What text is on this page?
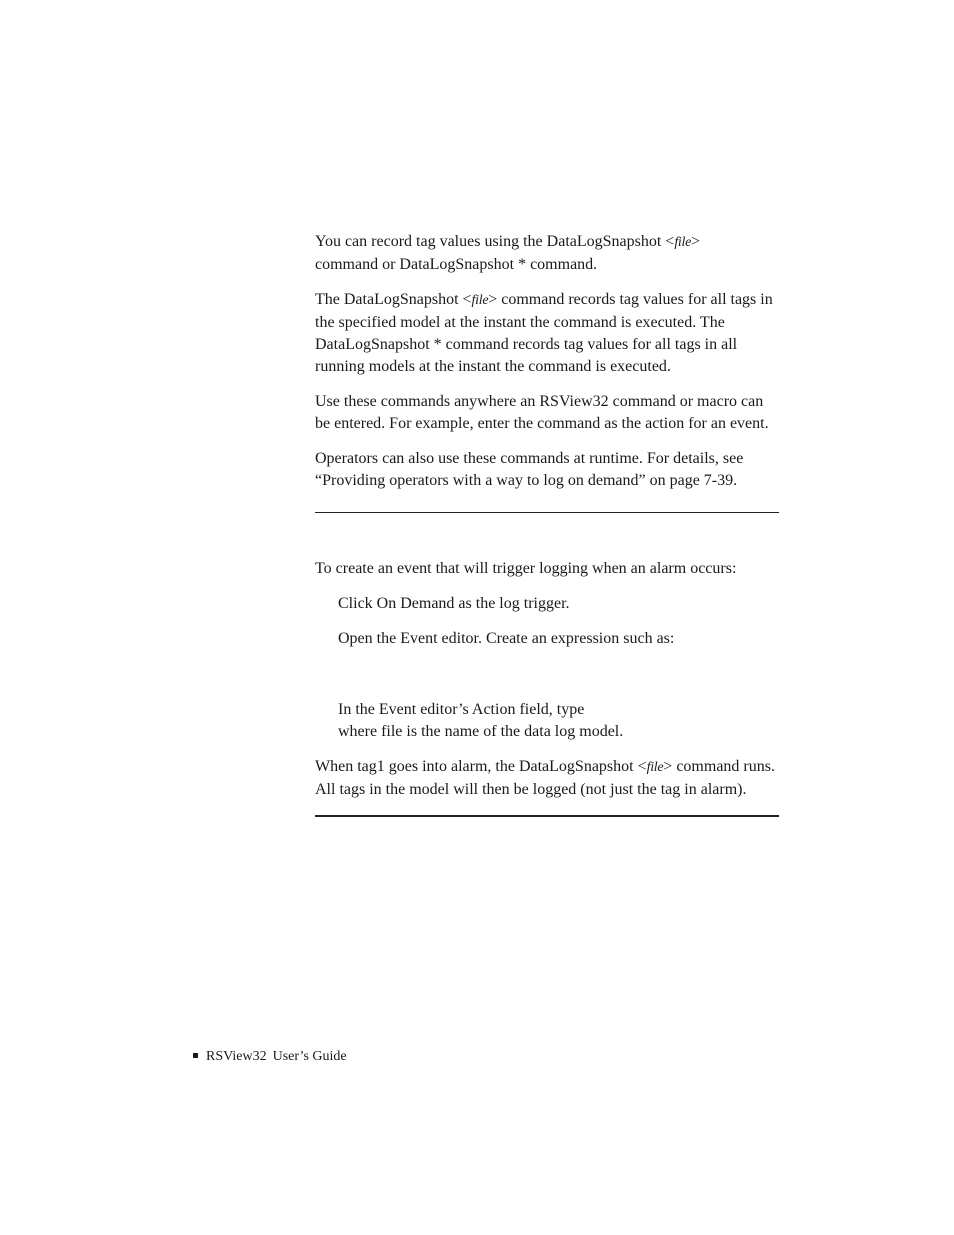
You can record tag values using the DataLogSnapshot <file>
command or DataLogSnapshot * command.

The DataLogSnapshot <file> command records tag values for all tags in the specified model at the instant the command is executed. The DataLogSnapshot * command records tag values for all tags in all running models at the instant the command is executed.

Use these commands anywhere an RSView32 command or macro can be entered. For example, enter the command as the action for an event.

Operators can also use these commands at runtime. For details, see “Providing operators with a way to log on demand” on page 7-39.

To create an event that will trigger logging when an alarm occurs:

Click On Demand as the log trigger.

Open the Event editor. Create an expression such as:

In the Event editor’s Action field, type
where file is the name of the data log model.

When tag1 goes into alarm, the DataLogSnapshot <file> command runs. All tags in the model will then be logged (not just the tag in alarm).

RSView32 User’s Guide
